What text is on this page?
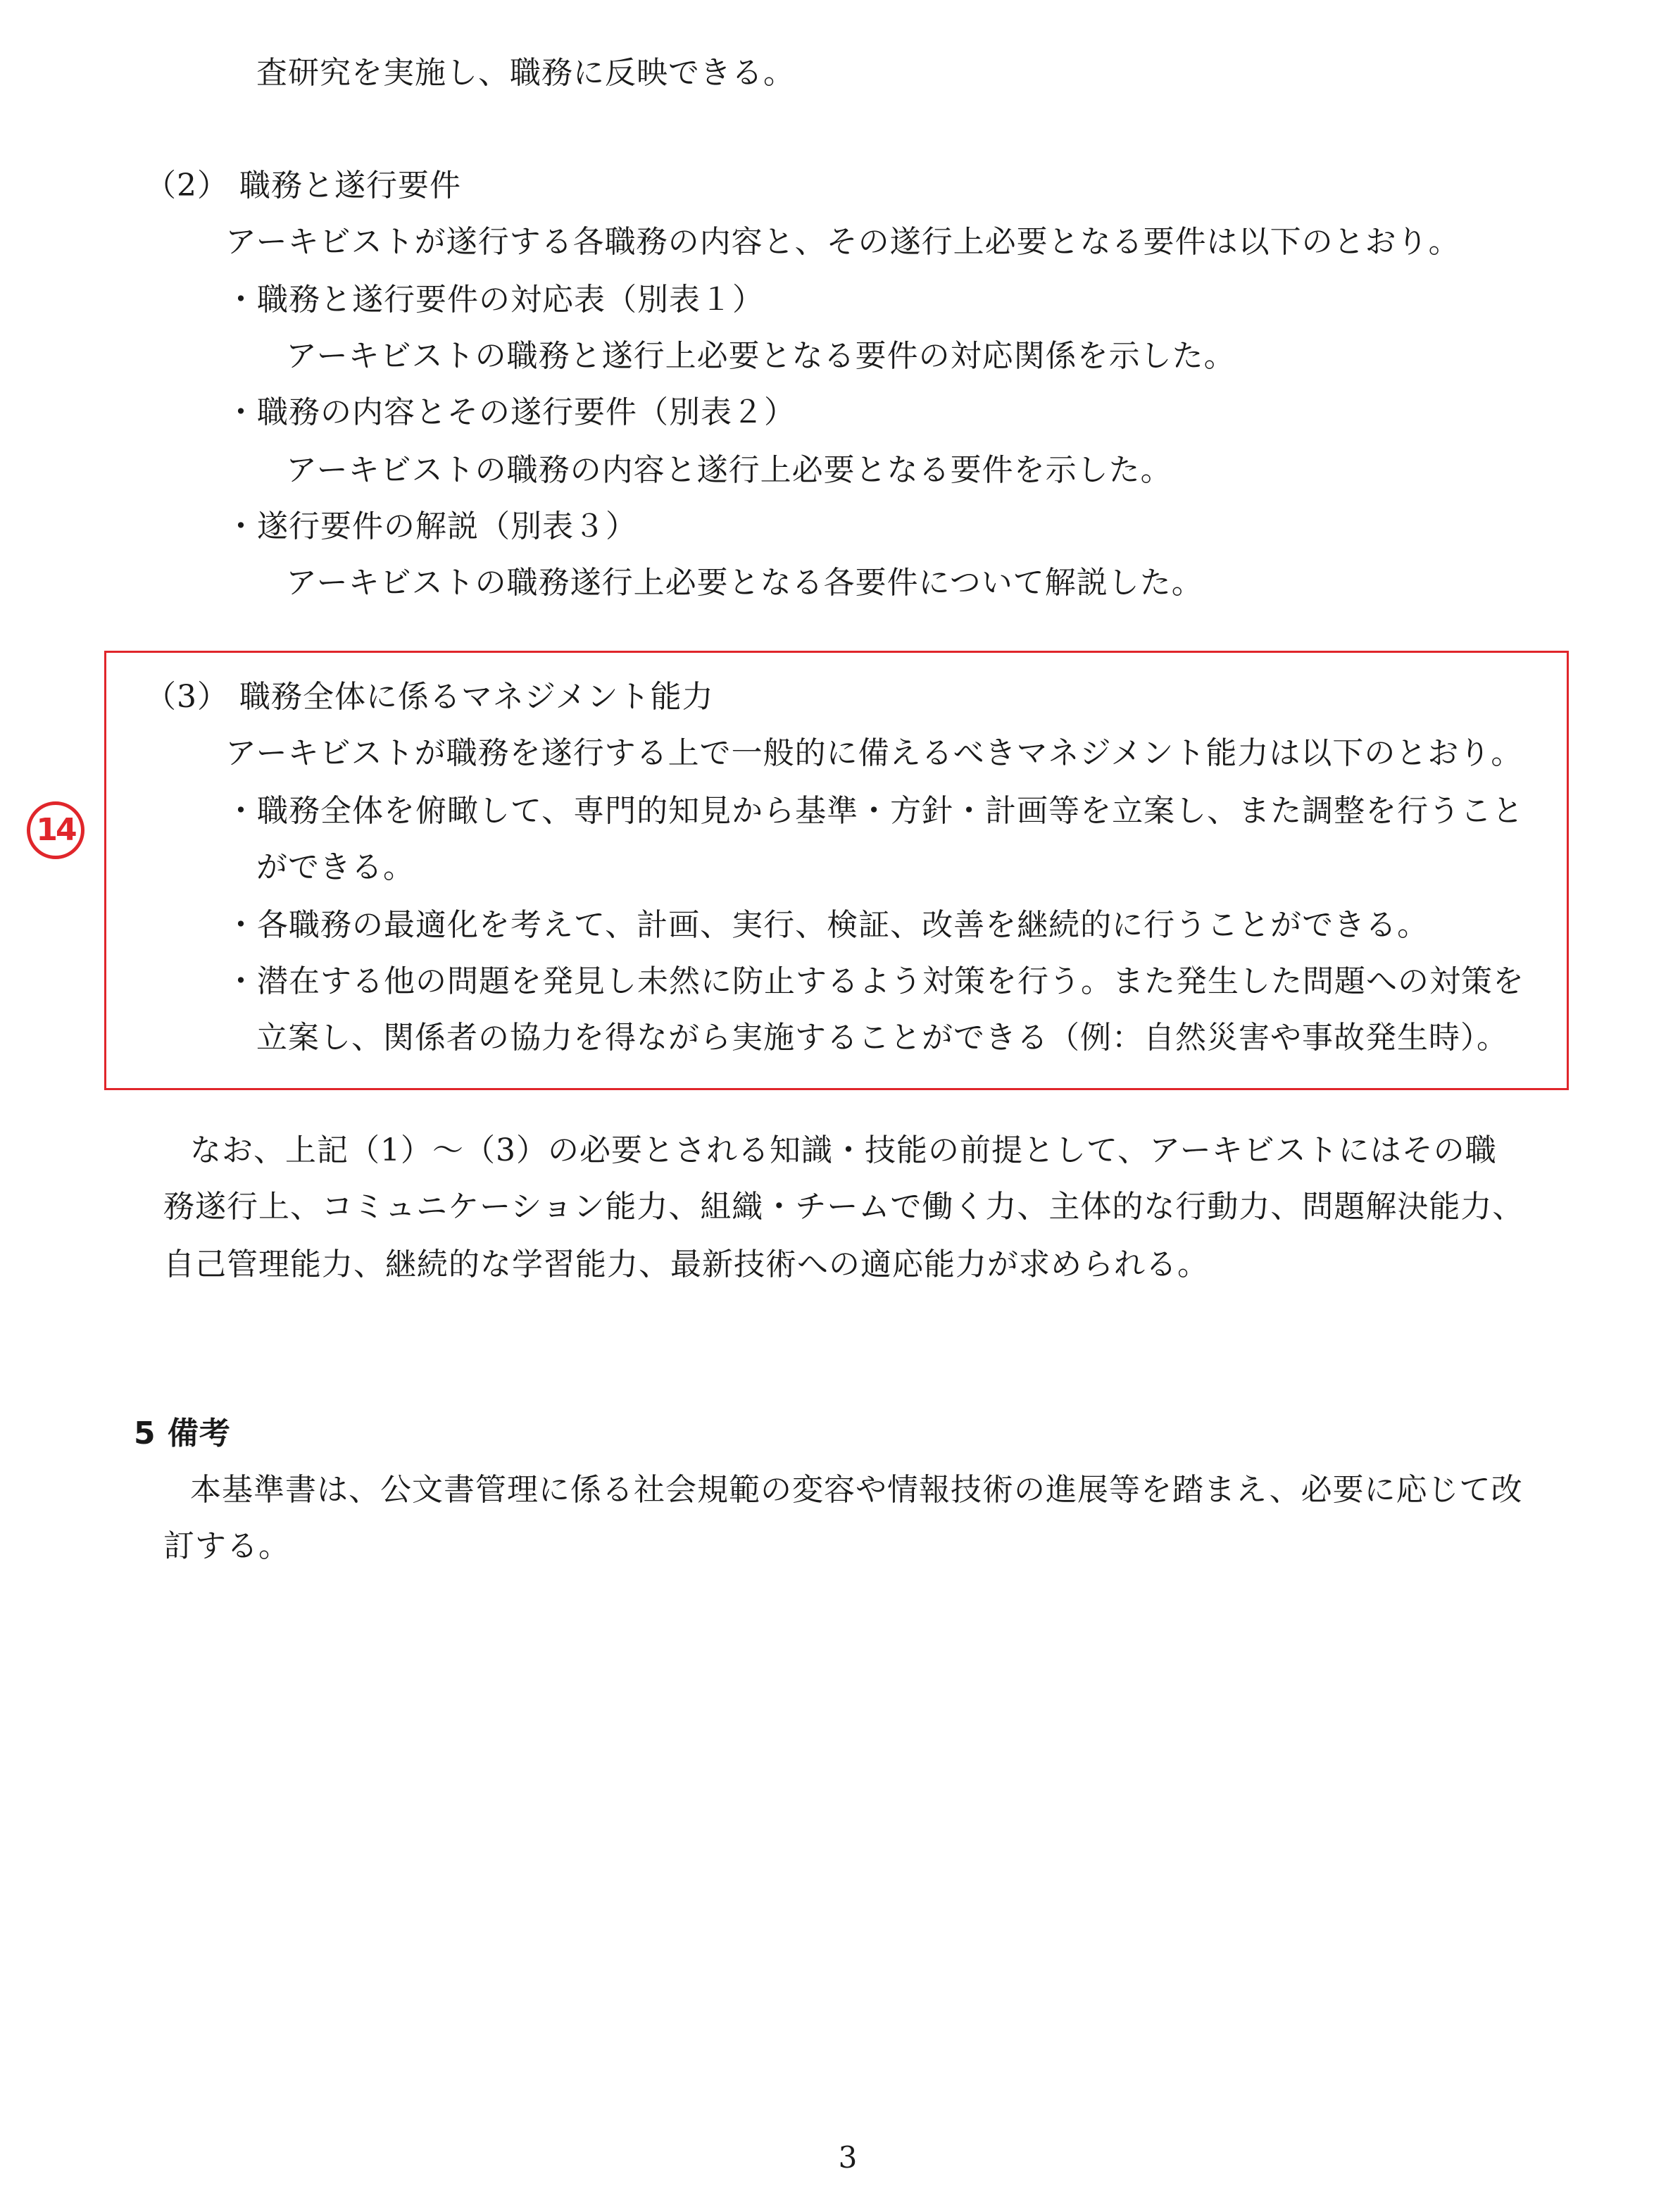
査研究を実施し、職務に反映できる。
（2） 職務と遂行要件
アーキビストが遂行する各職務の内容と、その遂行上必要となる要件は以下のとおり。
・職務と遂行要件の対応表（別表１）
アーキビストの職務と遂行上必要となる要件の対応関係を示した。
・職務の内容とその遂行要件（別表２）
アーキビストの職務の内容と遂行上必要となる要件を示した。
・遂行要件の解説（別表３）
アーキビストの職務遂行上必要となる各要件について解説した。
14
（3） 職務全体に係るマネジメント能力
アーキビストが職務を遂行する上で一般的に備えるべきマネジメント能力は以下のとおり。
・職務全体を俯瞰して、専門的知見から基準・方針・計画等を立案し、また調整を行うこと
ができる。
・各職務の最適化を考えて、計画、実行、検証、改善を継続的に行うことができる。
・潜在する他の問題を発見し未然に防止するよう対策を行う。また発生した問題への対策を
立案し、関係者の協力を得ながら実施することができる（例：自然災害や事故発生時）。
なお、上記（1）～（3）の必要とされる知識・技能の前提として、アーキビストにはその職
務遂行上、コミュニケーション能力、組織・チームで働く力、主体的な行動力、問題解決能力、
自己管理能力、継続的な学習能力、最新技術への適応能力が求められる。
5 備考
本基準書は、公文書管理に係る社会規範の変容や情報技術の進展等を踏まえ、必要に応じて改
訂する。
3
